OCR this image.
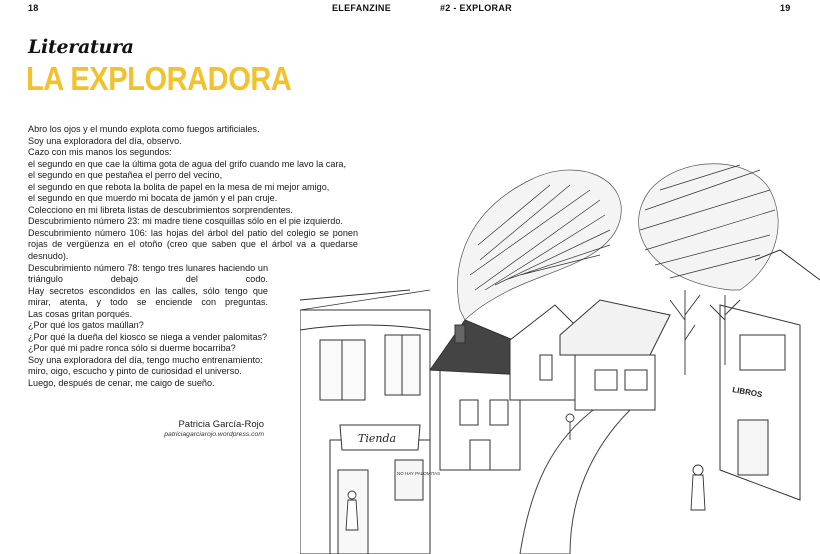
18	ELEFANZINE	#2 - EXPLORAR	19
Literatura
LA EXPLORADORA
Abro los ojos y el mundo explota como fuegos artificiales.
Soy una exploradora del día, observo.
Cazo con mis manos los segundos:
el segundo en que cae la última gota de agua del grifo cuando me lavo la cara,
el segundo en que pestañea el perro del vecino,
el segundo en que rebota la bolita de papel en la mesa de mi mejor amigo,
el segundo en que muerdo mi bocata de jamón y el pan cruje.
Colecciono en mi libreta listas de descubrimientos sorprendentes.
Descubrimiento número 23: mi madre tiene cosquillas sólo en el pie izquierdo.
Descubrimiento número 106: las hojas del árbol del patio del colegio se ponen rojas de vergüenza en el otoño (creo que saben que el árbol va a quedarse desnudo).
Descubrimiento número 78: tengo tres lunares haciendo un triángulo debajo del codo.
Hay secretos escondidos en las calles, sólo tengo que mirar, atenta, y todo se enciende con preguntas.
Las cosas gritan porqués.
¿Por qué los gatos maúllan?
¿Por qué la dueña del kiosco se niega a vender palomitas?
¿Por qué mi padre ronca sólo si duerme bocarriba?
Soy una exploradora del día, tengo mucho entrenamiento:
miro, oigo, escucho y pinto de curiosidad el universo.
Luego, después de cenar, me caigo de sueño.
Patricia García-Rojo
patriciagarciarojo.wordpress.com	Tienda
NO HAY PALOMITAS
LIBROS
